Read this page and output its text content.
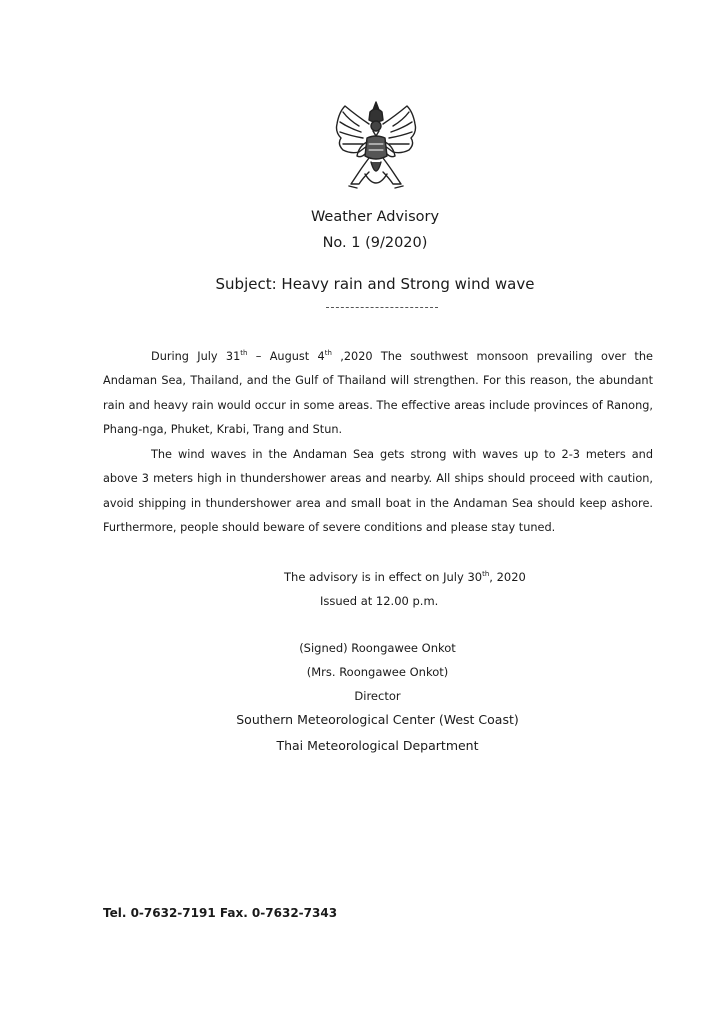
Weather Advisory
No. 1 (9/2020)
Subject: Heavy rain and Strong wind wave

During July 31th – August 4th ,2020 The southwest monsoon prevailing over the Andaman Sea, Thailand, and the Gulf of Thailand will strengthen. For this reason, the abundant rain and heavy rain would occur in some areas. The effective areas include provinces of Ranong, Phang-nga, Phuket, Krabi, Trang and Stun.

The wind waves in the Andaman Sea gets strong with waves up to 2-3 meters and above 3 meters high in thundershower areas and nearby. All ships should proceed with caution, avoid shipping in thundershower area and small boat in the Andaman Sea should keep ashore. Furthermore, people should beware of severe conditions and please stay tuned.

The advisory is in effect on July 30th, 2020

Issued at 12.00 p.m.

(Signed) Roongawee Onkot

(Mrs. Roongawee Onkot)

Director

Southern Meteorological Center (West Coast)

Thai Meteorological Department

Tel. 0-7632-7191 Fax. 0-7632-7343
